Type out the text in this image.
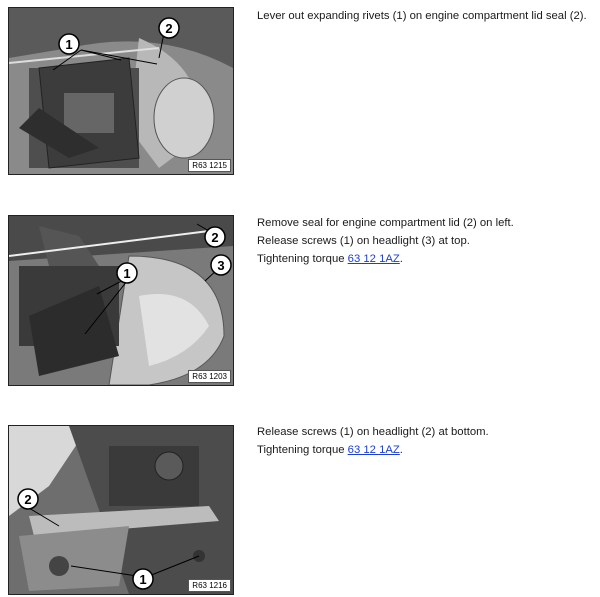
1
2
R63 1215

Lever out expanding rivets (1) on engine compartment lid seal (2).

2
1
3
R63 1203

Remove seal for engine compartment lid (2) on left.

Release screws (1) on headlight (3) at top.

Tightening torque 63 12 1AZ.

2
1	R63 1216

Release screws (1) on headlight (2) at bottom.

Tightening torque 63 12 1AZ.
